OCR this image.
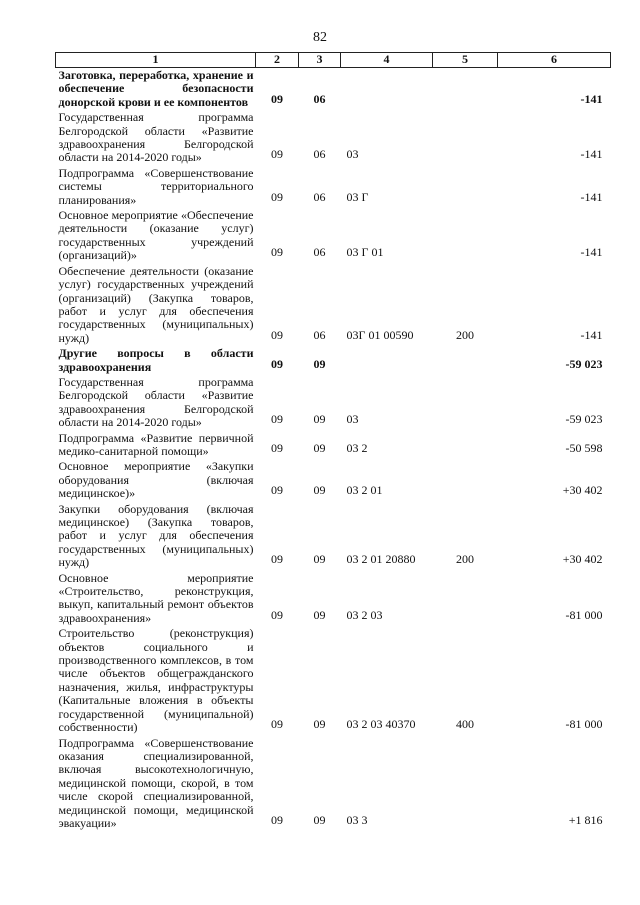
82
1	2	3	4	5	6
Заготовка, переработка, хранение и обеспечение безопасности донорской крови и ее компонентов	09	06			-141
Государственная программа Белгородской области «Развитие здравоохранения Белгородской области на 2014-2020 годы»	09	06	03		-141
Подпрограмма «Совершенствование системы территориального планирования»	09	06	03 Г		-141
Основное мероприятие «Обеспечение деятельности (оказание услуг) государственных учреждений (организаций)»	09	06	03 Г 01		-141
Обеспечение деятельности (оказание услуг) государственных учреждений (организаций) (Закупка товаров, работ и услуг для обеспечения государственных (муниципальных) нужд)	09	06	03Г 01 00590	200	-141
Другие вопросы в области здравоохранения	09	09			-59 023
Государственная программа Белгородской области «Развитие здравоохранения Белгородской области на 2014-2020 годы»	09	09	03		-59 023
Подпрограмма «Развитие первичной медико-санитарной помощи»	09	09	03 2		-50 598
Основное мероприятие «Закупки оборудования (включая медицинское)»	09	09	03 2 01		+30 402
Закупки оборудования (включая медицинское) (Закупка товаров, работ и услуг для обеспечения государственных (муниципальных) нужд)	09	09	03 2 01 20880	200	+30 402
Основное мероприятие «Строительство, реконструкция, выкуп, капитальный ремонт объектов здравоохранения»	09	09	03 2 03		-81 000
Строительство (реконструкция) объектов социального и производственного комплексов, в том числе объектов общегражданского назначения, жилья, инфраструктуры (Капитальные вложения в объекты государственной (муниципальной) собственности)	09	09	03 2 03 40370	400	-81 000
Подпрограмма «Совершенствование оказания специализированной, включая высокотехнологичную, медицинской помощи, скорой, в том числе скорой специализированной, медицинской помощи, медицинской эвакуации»	09	09	03 3		+1 816
